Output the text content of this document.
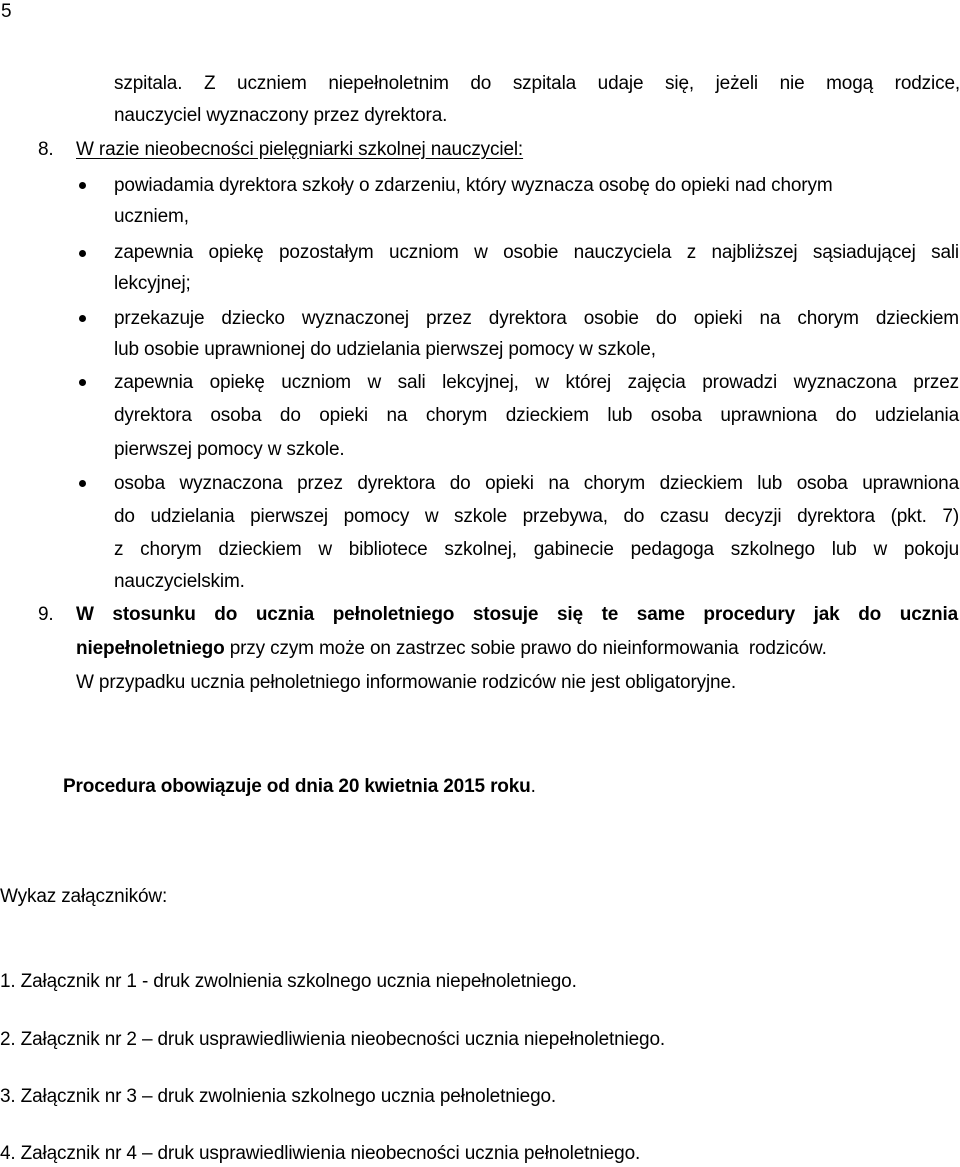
5
szpitala. Z uczniem niepełnoletnim do szpitala udaje się, jeżeli nie mogą rodzice,
nauczyciel wyznaczony przez dyrektora.
8. W razie nieobecności pielęgniarki szkolnej nauczyciel:
powiadamia dyrektora szkoły o zdarzeniu, który wyznacza osobę do opieki nad chorym
uczniem,
zapewnia opiekę pozostałym uczniom w osobie nauczyciela z najbliższej sąsiadującej sali
lekcyjnej;
przekazuje dziecko wyznaczonej przez dyrektora osobie do opieki na chorym dzieckiem
lub osobie uprawnionej do udzielania pierwszej pomocy w szkole,
zapewnia opiekę uczniom w sali lekcyjnej, w której zajęcia prowadzi wyznaczona przez
dyrektora osoba do opieki na chorym dzieckiem lub osoba uprawniona do udzielania
pierwszej pomocy w szkole.
osoba wyznaczona przez dyrektora do opieki na chorym dzieckiem lub osoba uprawniona
do udzielania pierwszej pomocy w szkole przebywa, do czasu decyzji dyrektora (pkt. 7)
z chorym dzieckiem w bibliotece szkolnej, gabinecie pedagoga szkolnego lub w pokoju
nauczycielskim.
9. W stosunku do ucznia pełnoletniego stosuje się te same procedury jak do ucznia
niepełnoletniego przy czym może on zastrzec sobie prawo do nieinformowania  rodziców.
W przypadku ucznia pełnoletniego informowanie rodziców nie jest obligatoryjne.
Procedura obowiązuje od dnia 20 kwietnia 2015 roku.
Wykaz załączników:
1. Załącznik nr 1 - druk zwolnienia szkolnego ucznia niepełnoletniego.
2. Załącznik nr 2 – druk usprawiedliwienia nieobecności ucznia niepełnoletniego.
3. Załącznik nr 3 – druk zwolnienia szkolnego ucznia pełnoletniego.
4. Załącznik nr 4 – druk usprawiedliwienia nieobecności ucznia pełnoletniego.
